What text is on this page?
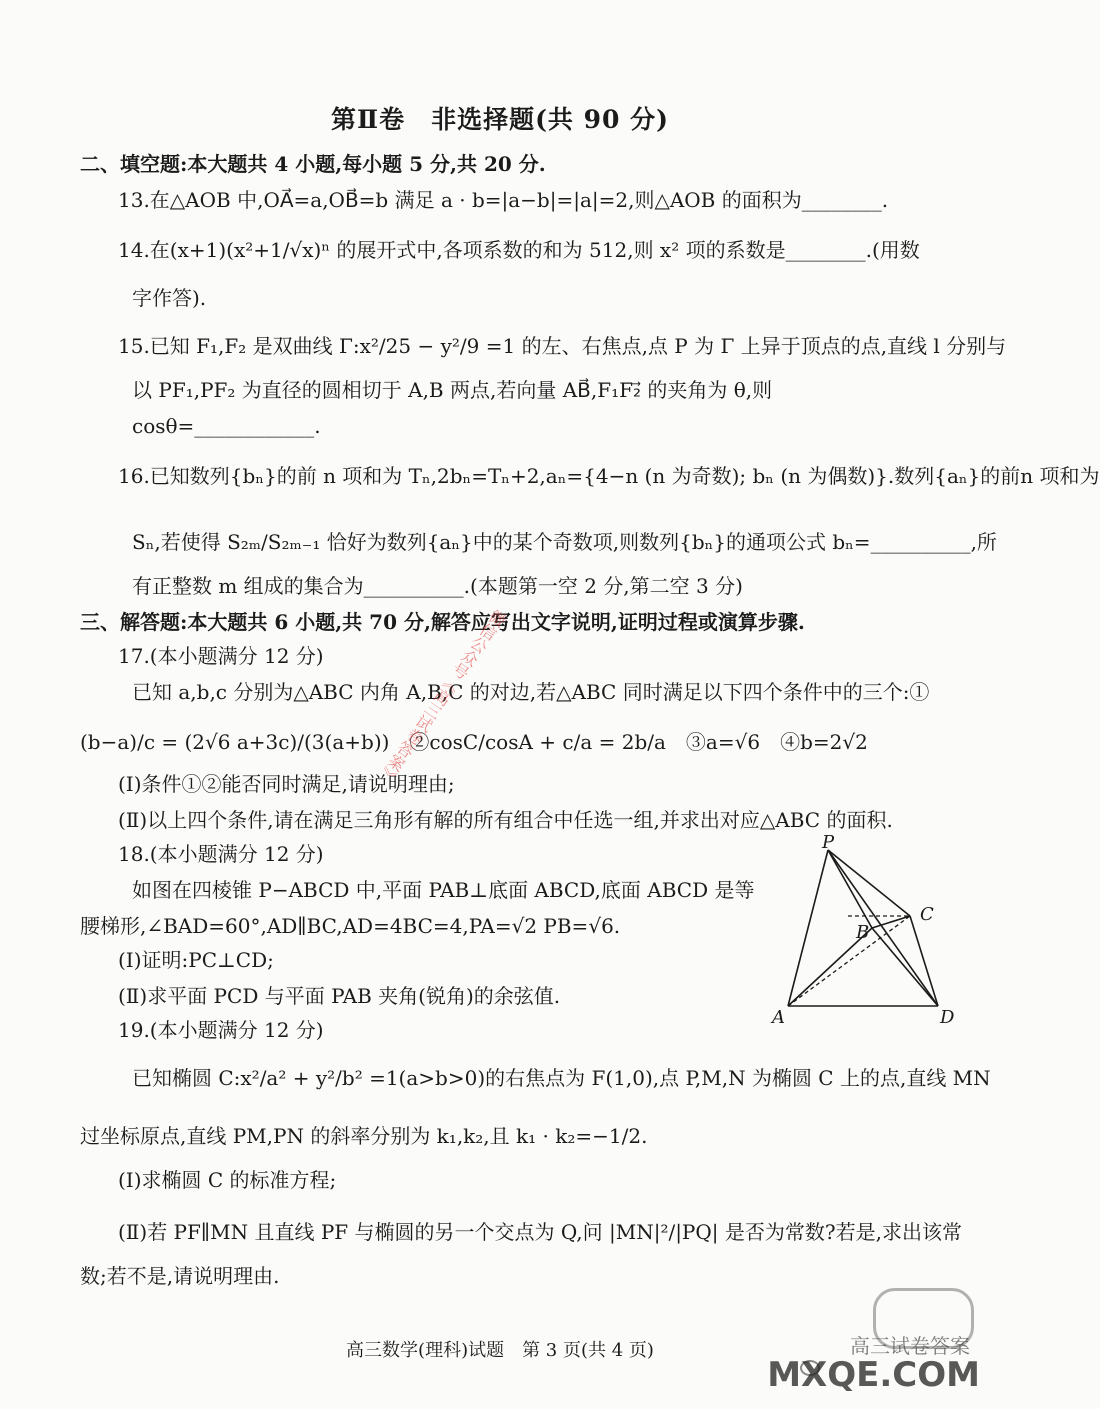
第Ⅱ卷　非选择题(共 90 分)
二、填空题:本大题共 4 小题,每小题 5 分,共 20 分.
13.在△AOB 中,OA⃗=a,OB⃗=b 满足 a · b=|a−b|=|a|=2,则△AOB 的面积为________.
14.在(x+1)(x²+1/√x)ⁿ 的展开式中,各项系数的和为 512,则 x² 项的系数是________.(用数
字作答).
15.已知 F₁,F₂ 是双曲线 Γ:x²/25 − y²/9 =1 的左、右焦点,点 P 为 Γ 上异于顶点的点,直线 l 分别与
以 PF₁,PF₂ 为直径的圆相切于 A,B 两点,若向量 AB⃗,F₁F₂⃗ 的夹角为 θ,则
cosθ=____________.
16.已知数列{bₙ}的前 n 项和为 Tₙ,2bₙ=Tₙ+2,aₙ={4−n (n 为奇数); bₙ (n 为偶数)}.数列{aₙ}的前n 项和为
Sₙ,若使得 S₂ₘ/S₂ₘ₋₁ 恰好为数列{aₙ}中的某个奇数项,则数列{bₙ}的通项公式 bₙ=__________,所
有正整数 m 组成的集合为__________.(本题第一空 2 分,第二空 3 分)
三、解答题:本大题共 6 小题,共 70 分,解答应写出文字说明,证明过程或演算步骤.
17.(本小题满分 12 分)
已知 a,b,c 分别为△ABC 内角 A,B,C 的对边,若△ABC 同时满足以下四个条件中的三个:①
(b−a)/c = (2√6 a+3c)/(3(a+b))　②cosC/cosA + c/a = 2b/a　③a=√6　④b=2√2
(Ⅰ)条件①②能否同时满足,请说明理由;
(Ⅱ)以上四个条件,请在满足三角形有解的所有组合中任选一组,并求出对应△ABC 的面积.
18.(本小题满分 12 分)
如图在四棱锥 P−ABCD 中,平面 PAB⊥底面 ABCD,底面 ABCD 是等
腰梯形,∠BAD=60°,AD∥BC,AD=4BC=4,PA=√2 PB=√6.
(Ⅰ)证明:PC⊥CD;
(Ⅱ)求平面 PCD 与平面 PAB 夹角(锐角)的余弦值.
19.(本小题满分 12 分)
已知椭圆 C:x²/a² + y²/b² =1(a>b>0)的右焦点为 F(1,0),点 P,M,N 为椭圆 C 上的点,直线 MN
过坐标原点,直线 PM,PN 的斜率分别为 k₁,k₂,且 k₁ · k₂=−1/2.
(Ⅰ)求椭圆 C 的标准方程;
(Ⅱ)若 PF∥MN 且直线 PF 与椭圆的另一个交点为 Q,问 |MN|²/|PQ| 是否为常数?若是,求出该常
数;若不是,请说明理由.
P
C
B
A	D
微信公众号《高三试卷答案》
高三数学(理科)试题　第 3 页(共 4 页)	高三试卷答案
MXQE.COM
